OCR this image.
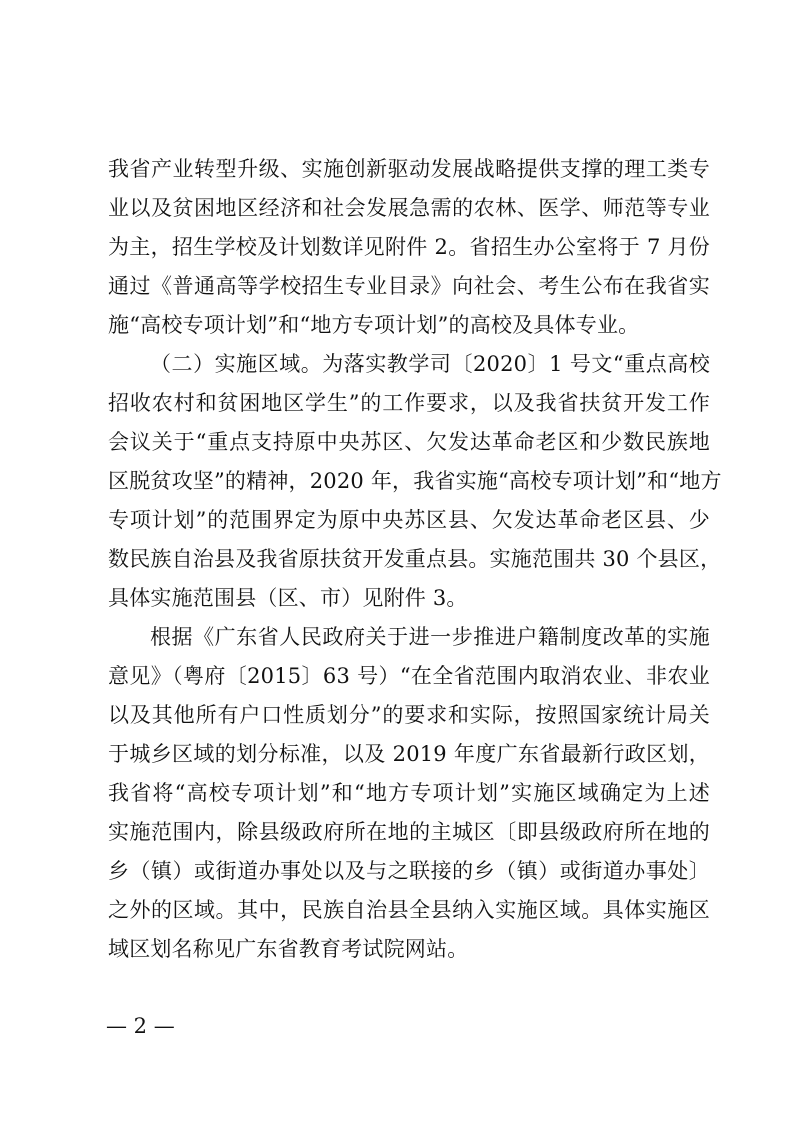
我省产业转型升级、实施创新驱动发展战略提供支撑的理工类专
业以及贫困地区经济和社会发展急需的农林、医学、师范等专业
为主，招生学校及计划数详见附件 2。省招生办公室将于 7 月份
通过《普通高等学校招生专业目录》向社会、考生公布在我省实
施“高校专项计划”和“地方专项计划”的高校及具体专业。
（二）实施区域。为落实教学司〔2020〕1 号文“重点高校
招收农村和贫困地区学生”的工作要求，以及我省扶贫开发工作
会议关于“重点支持原中央苏区、欠发达革命老区和少数民族地
区脱贫攻坚”的精神，2020 年，我省实施“高校专项计划”和“地方
专项计划”的范围界定为原中央苏区县、欠发达革命老区县、少
数民族自治县及我省原扶贫开发重点县。实施范围共 30 个县区，
具体实施范围县（区、市）见附件 3。
根据《广东省人民政府关于进一步推进户籍制度改革的实施
意见》（粤府〔2015〕63 号）“在全省范围内取消农业、非农业
以及其他所有户口性质划分”的要求和实际，按照国家统计局关
于城乡区域的划分标准，以及 2019 年度广东省最新行政区划，
我省将“高校专项计划”和“地方专项计划”实施区域确定为上述
实施范围内，除县级政府所在地的主城区〔即县级政府所在地的
乡（镇）或街道办事处以及与之联接的乡（镇）或街道办事处〕
之外的区域。其中，民族自治县全县纳入实施区域。具体实施区
域区划名称见广东省教育考试院网站。
— 2 —
